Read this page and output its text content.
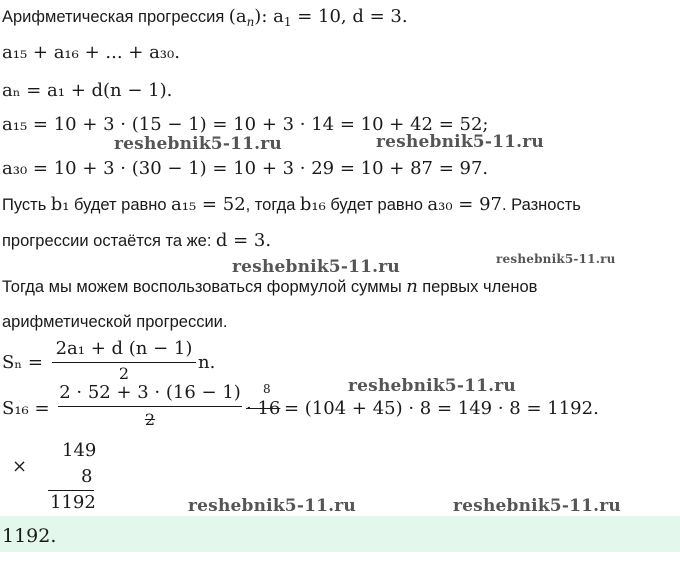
Арифметическая прогрессия $(a_n)$: $a_1 = 10$, d = 3.
a₁₅ + a₁₆ + ... + a₃₀.
aₙ = a₁ + d(n − 1).
a₁₅ = 10 + 3 · (15 − 1) = 10 + 3 · 14 = 10 + 42 = 52;
a₃₀ = 10 + 3 · (30 − 1) = 10 + 3 · 29 = 10 + 87 = 97.
Пусть b₁ будет равно a₁₅ = 52, тогда b₁₆ будет равно a₃₀ = 97. Разность
прогрессии остаётся та же: d = 3.
Тогда мы можем воспользоваться формулой суммы n первых членов
арифметической прогрессии.
Sₙ =
2a₁ + d (n − 1)
2
n.
S₁₆ =
2 · 52 + 3 · (16 − 1)
2
· 16
8
= (104 + 45) · 8 = 149 · 8 = 1192.
×
149
8
1192
1192.
reshebnik5-11.ru	reshebnik5-11.ru
reshebnik5-11.ru	reshebnik5-11.ru
reshebnik5-11.ru
reshebnik5-11.ru	reshebnik5-11.ru
